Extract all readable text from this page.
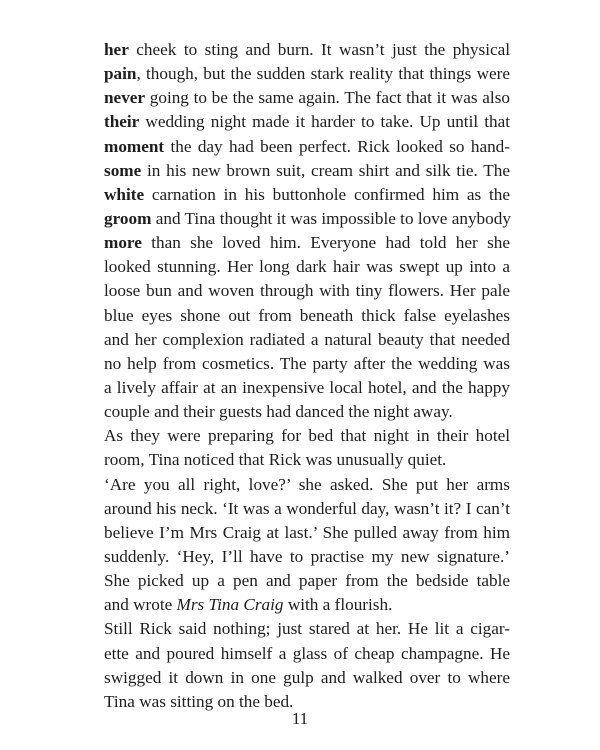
her cheek to sting and burn. It wasn’t just the physical
pain, though, but the sudden stark reality that things were
never going to be the same again. The fact that it was also
their wedding night made it harder to take. Up until that
moment the day had been perfect. Rick looked so hand-
some in his new brown suit, cream shirt and silk tie. The
white carnation in his buttonhole confirmed him as the
groom and Tina thought it was impossible to love anybody
more than she loved him. Everyone had told her she
looked stunning. Her long dark hair was swept up into a
loose bun and woven through with tiny flowers. Her pale
blue eyes shone out from beneath thick false eyelashes
and her complexion radiated a natural beauty that needed
no help from cosmetics. The party after the wedding was
a lively affair at an inexpensive local hotel, and the happy
couple and their guests had danced the night away.
As they were preparing for bed that night in their hotel
room, Tina noticed that Rick was unusually quiet.
‘Are you all right, love?’ she asked. She put her arms
around his neck. ‘It was a wonderful day, wasn’t it? I can’t
believe I’m Mrs Craig at last.’ She pulled away from him
suddenly. ‘Hey, I’ll have to practise my new signature.’
She picked up a pen and paper from the bedside table
and wrote Mrs Tina Craig with a flourish.
Still Rick said nothing; just stared at her. He lit a cigar-
ette and poured himself a glass of cheap champagne. He
swigged it down in one gulp and walked over to where
Tina was sitting on the bed.
11
